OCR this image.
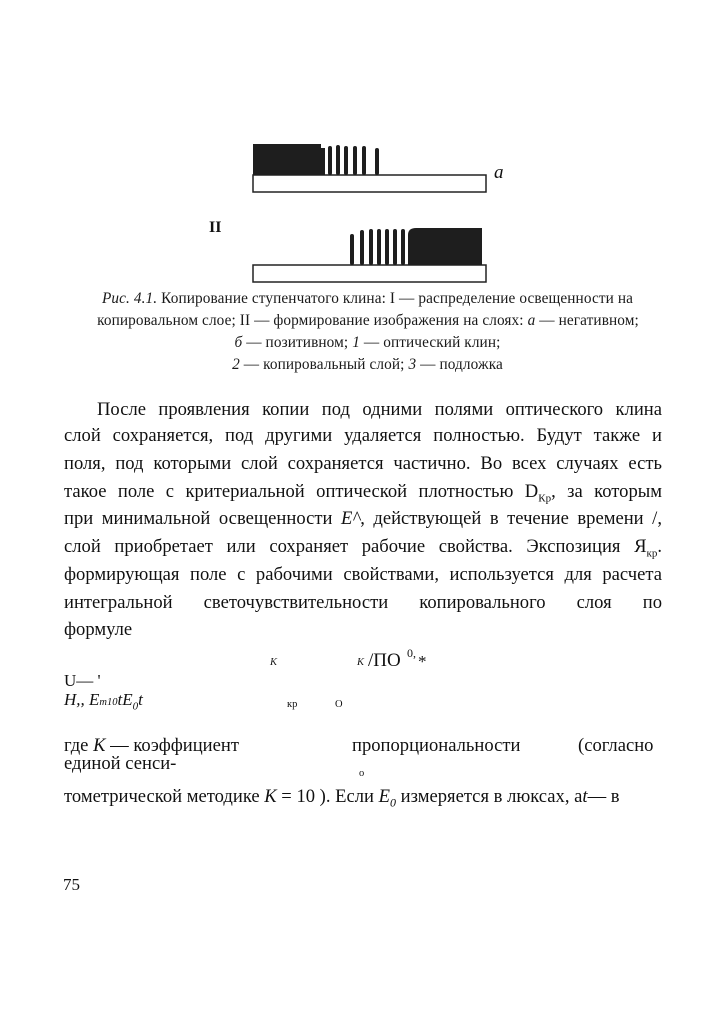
а
II
Рис. 4.1. Копирование ступенчатого клина: I — распределение освещенности на
копировальном слое; II — формирование изображения на слоях: а — негативном;
б — позитивном; 1 — оптический клин;
2 — копировальный слой; 3 — подложка
После проявления копии под одними полями оптического клина
слой сохраняется, под другими удаляется полностью. Будут также и
поля, под которыми слой сохраняется частично. Во всех случаях есть
такое поле с критериальной оптической плотностью $D_{Кр}$, за которым
при минимальной освещенности E^, действующей в течение времени /,
слой приобретает или сохраняет рабочие свойства. Экспозиция $Я_{кр}$.
формирующая поле с рабочими свойствами, используется для расчета
интегральной светочувствительности копировального слоя по
формуле
К	К /ПО 0, *
U— '
H,, $Em10tE_0t$	кр	О
где К — коэффициент	пропорциональности	(согласно
единой сенси-	о
тометрической методике К = 10 ). Если $E_0$ измеряется в люксах, аt— в
75
